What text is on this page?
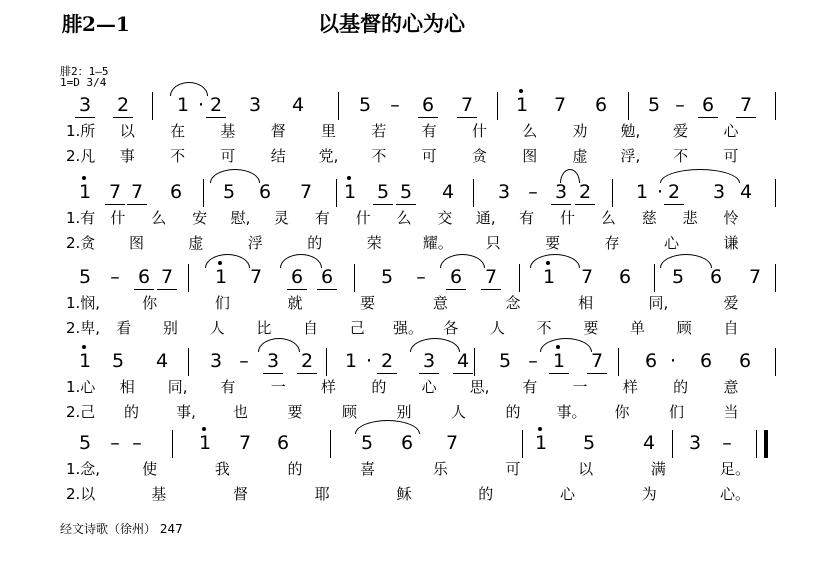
腓2—1	以基督的心为心
腓2：1—5
1=D 3/4
经文诗歌（徐州） 247
3 2	1 · 2 3 4	5	–	6 7 1 7 6 5 – 6 7
1.所 以 在 基 督 里 若 有 什 么 劝 勉, 爱 心
2.凡 事 不 可 结 党, 不 可 贪 图 虚 浮, 不 可
1 7 7 6 5 6 7 1 5 5 4 3 – 3 2 1 · 2 3 4
1.有 什 么 安 慰, 灵 有 什 么 交 通, 有 什 么 慈 悲 怜
2.贪 图	虚	浮	的	荣	耀。 只	要	存	心	谦
5	– 6 7 1 7 6 6	5	–	6 7 1 7 6 5 6 7
1.悯,	你	们	就	要	意	念	相	同,	爱
2.卑, 看 别 人 比 自 己 强。 各 人 不 要 单 顾 自
1 5 4 3 – 3 2 1 · 2 3 4 5 – 1 7 6 ·	6 6
1.心 相 同, 有 一 样 的 心 思, 有 一 样 的 意
2.己 的 事, 也	要	顾	别	人	的 事。 你	们	当
5	– –	1 7 6	5 6 7	1 5	4 3	–
1.念,	使	我	的	喜	乐	可	以	满	足。
2.以	基	督	耶	稣	的	心	为	心。
